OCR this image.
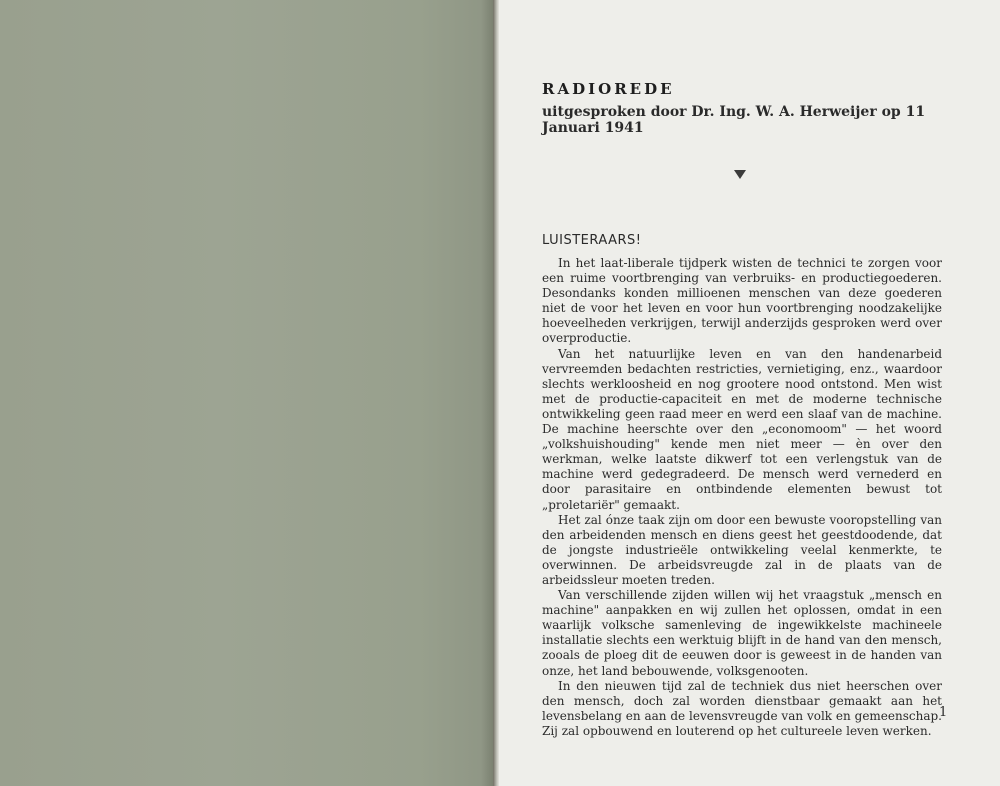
RADIOREDE
uitgesproken door Dr. Ing. W. A. Herweijer op 11 Januari 1941
LUISTERAARS!

In het laat-liberale tijdperk wisten de technici te zorgen voor een ruime voortbrenging van verbruiks- en productiegoederen. Desondanks konden millioenen menschen van deze goederen niet de voor het leven en voor hun voortbrenging noodzakelijke hoeveelheden verkrijgen, terwijl anderzijds gesproken werd over overproductie.

Van het natuurlijke leven en van den handenarbeid vervreemden bedachten restricties, vernietiging, enz., waardoor slechts werkloosheid en nog grootere nood ontstond. Men wist met de productie-capaciteit en met de moderne technische ontwikkeling geen raad meer en werd een slaaf van de machine. De machine heerschte over den „economoom" — het woord „volkshuishouding" kende men niet meer — èn over den werkman, welke laatste dikwerf tot een verlengstuk van de machine werd gedegradeerd. De mensch werd vernederd en door parasitaire en ontbindende elementen bewust tot „proletariër" gemaakt.

Het zal ónze taak zijn om door een bewuste vooropstelling van den arbeidenden mensch en diens geest het geestdoodende, dat de jongste industrieële ontwikkeling veelal kenmerkte, te overwinnen. De arbeidsvreugde zal in de plaats van de arbeidssleur moeten treden.

Van verschillende zijden willen wij het vraagstuk „mensch en machine" aanpakken en wij zullen het oplossen, omdat in een waarlijk volksche samenleving de ingewikkelste machineele installatie slechts een werktuig blijft in de hand van den mensch, zooals de ploeg dit de eeuwen door is geweest in de handen van onze, het land bebouwende, volksgenooten.

In den nieuwen tijd zal de techniek dus niet heerschen over den mensch, doch zal worden dienstbaar gemaakt aan het levensbelang en aan de levensvreugde van volk en gemeenschap. Zij zal opbouwend en louterend op het cultureele leven werken.

1
